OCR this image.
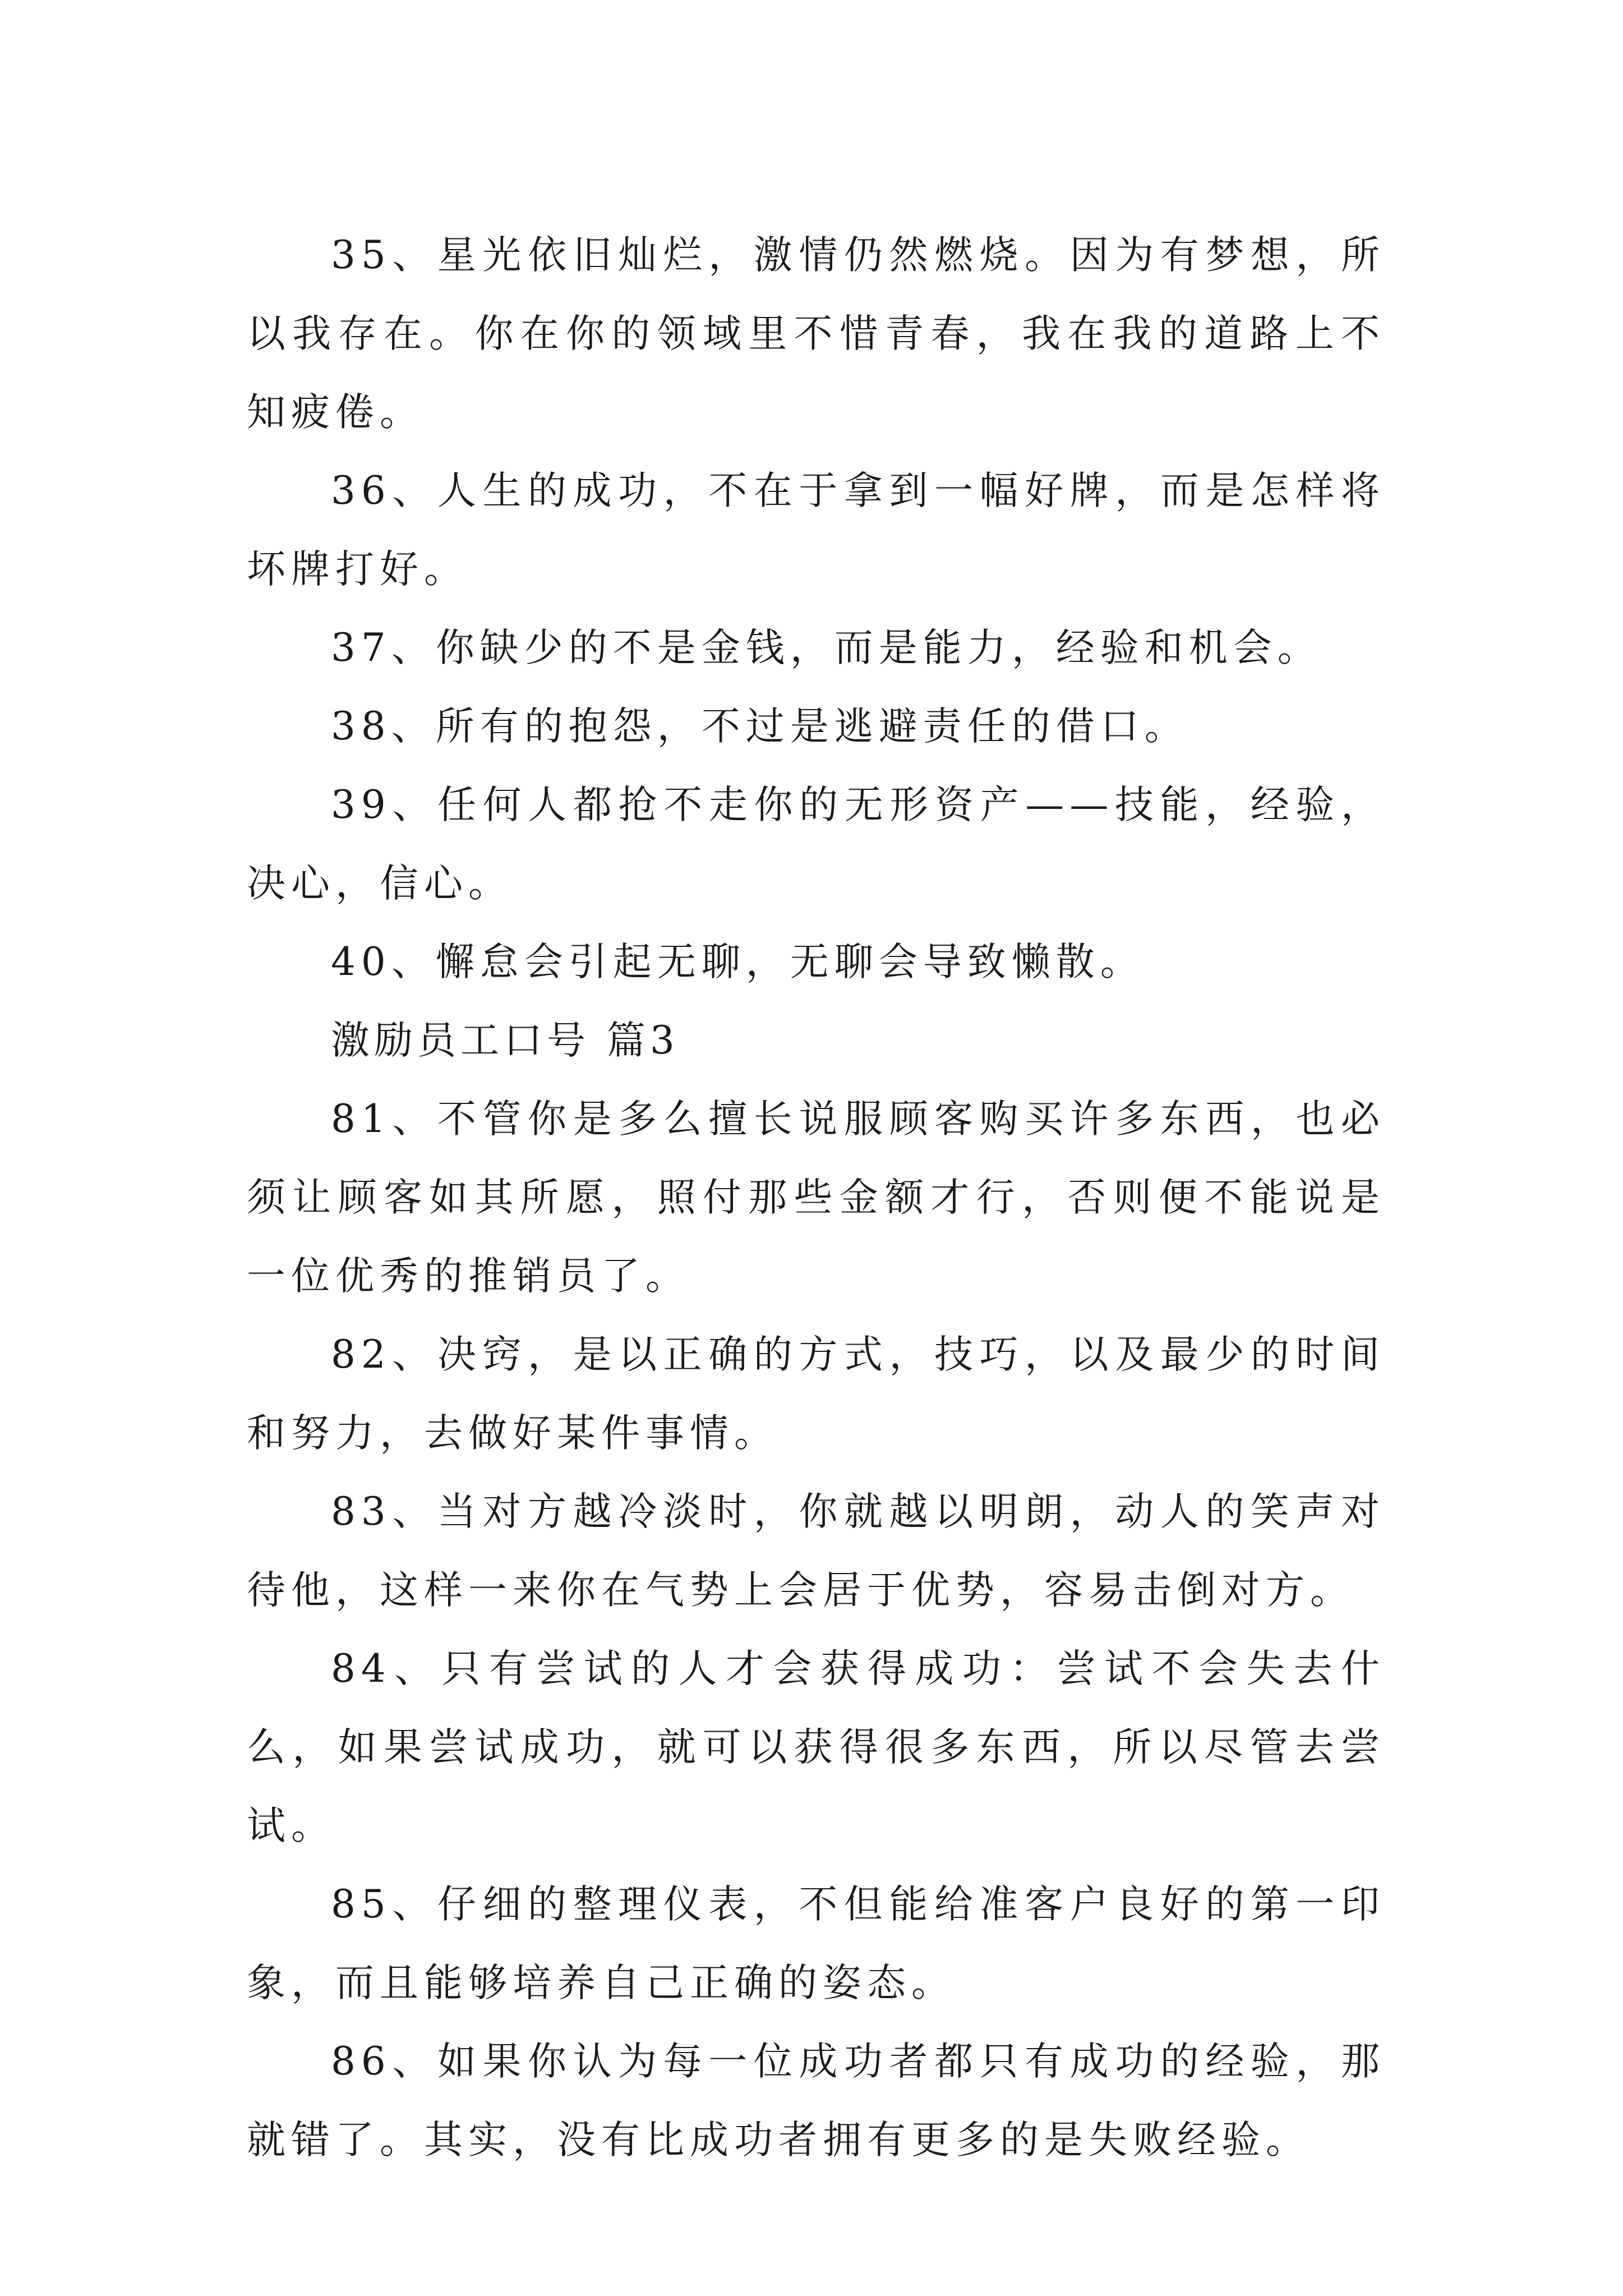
35、星光依旧灿烂，激情仍然燃烧。因为有梦想，所以我存在。你在你的领域里不惜青春，我在我的道路上不知疲倦。

36、人生的成功，不在于拿到一幅好牌，而是怎样将坏牌打好。

37、你缺少的不是金钱，而是能力，经验和机会。

38、所有的抱怨，不过是逃避责任的借口。

39、任何人都抢不走你的无形资产——技能，经验，决心，信心。

40、懈怠会引起无聊，无聊会导致懒散。

激励员工口号 篇3

81、不管你是多么擅长说服顾客购买许多东西，也必须让顾客如其所愿，照付那些金额才行，否则便不能说是一位优秀的推销员了。

82、决窍，是以正确的方式，技巧，以及最少的时间和努力，去做好某件事情。

83、当对方越冷淡时，你就越以明朗，动人的笑声对待他，这样一来你在气势上会居于优势，容易击倒对方。

84、只有尝试的人才会获得成功：尝试不会失去什么，如果尝试成功，就可以获得很多东西，所以尽管去尝试。

85、仔细的整理仪表，不但能给准客户良好的第一印象，而且能够培养自己正确的姿态。

86、如果你认为每一位成功者都只有成功的经验，那就错了。其实，没有比成功者拥有更多的是失败经验。
